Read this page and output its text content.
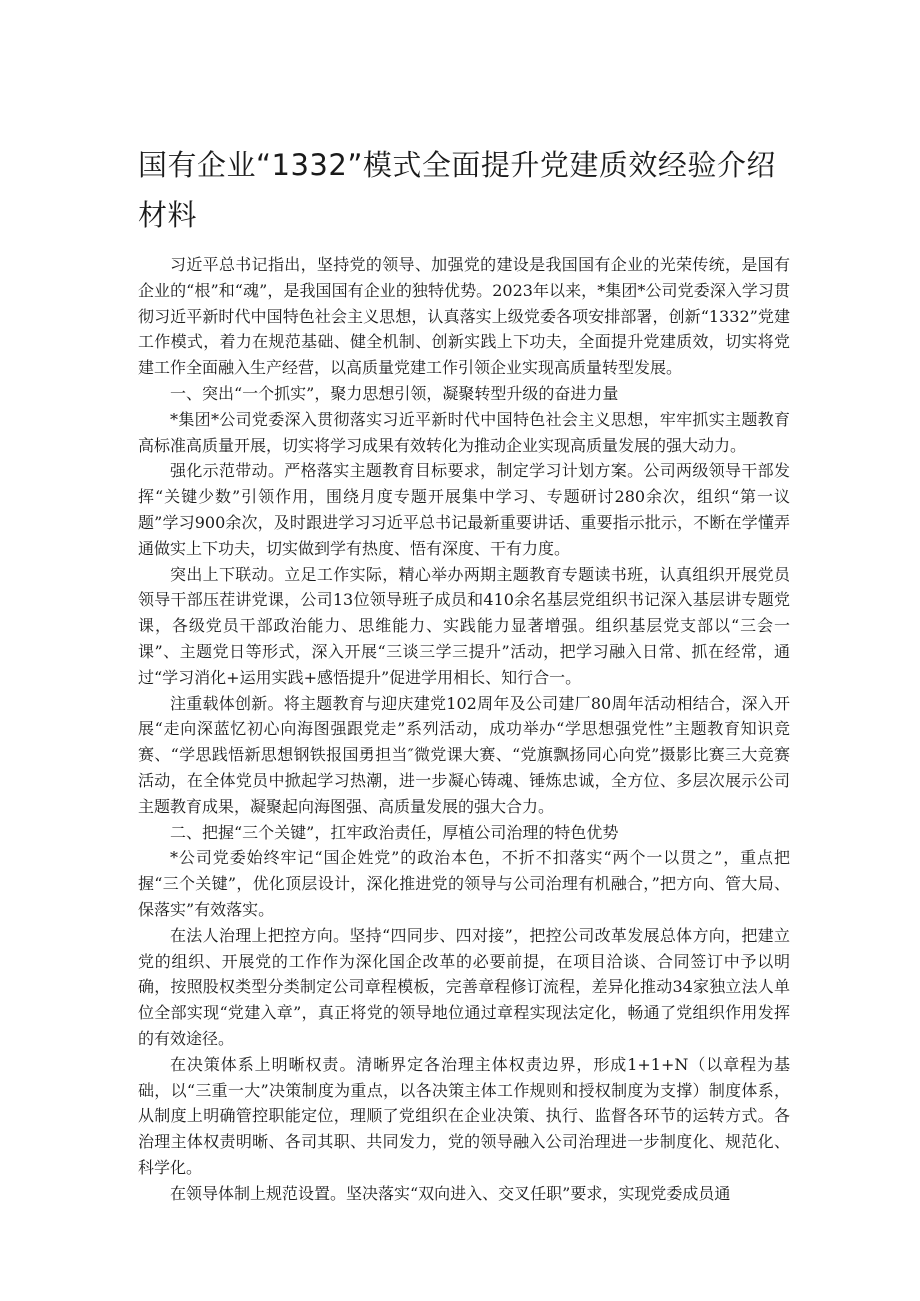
国有企业“1332”模式全面提升党建质效经验介绍材料

习近平总书记指出，坚持党的领导、加强党的建设是我国国有企业的光荣传统，是国有企业的“根”和“魂”，是我国国有企业的独特优势。2023年以来，*集团*公司党委深入学习贯彻习近平新时代中国特色社会主义思想，认真落实上级党委各项安排部署，创新“1332”党建工作模式，着力在规范基础、健全机制、创新实践上下功夫，全面提升党建质效，切实将党建工作全面融入生产经营，以高质量党建工作引领企业实现高质量转型发展。

一、突出“一个抓实”，聚力思想引领，凝聚转型升级的奋进力量

*集团*公司党委深入贯彻落实习近平新时代中国特色社会主义思想，牢牢抓实主题教育高标准高质量开展，切实将学习成果有效转化为推动企业实现高质量发展的强大动力。

强化示范带动。严格落实主题教育目标要求，制定学习计划方案。公司两级领导干部发挥“关键少数”引领作用，围绕月度专题开展集中学习、专题研讨280余次，组织“第一议题”学习900余次，及时跟进学习习近平总书记最新重要讲话、重要指示批示，不断在学懂弄通做实上下功夫，切实做到学有热度、悟有深度、干有力度。

突出上下联动。立足工作实际，精心举办两期主题教育专题读书班，认真组织开展党员领导干部压茬讲党课，公司13位领导班子成员和410余名基层党组织书记深入基层讲专题党课，各级党员干部政治能力、思维能力、实践能力显著增强。组织基层党支部以“三会一课”、主题党日等形式，深入开展“三谈三学三提升”活动，把学习融入日常、抓在经常，通过“学习消化+运用实践+感悟提升”促进学用相长、知行合一。

注重载体创新。将主题教育与迎庆建党102周年及公司建厂80周年活动相结合，深入开展“走向深蓝忆初心向海图强跟党走”系列活动，成功举办“学思想强党性”主题教育知识竞赛、“学思践悟新思想钢铁报国勇担当″微党课大赛、“党旗飘扬同心向党”摄影比赛三大竞赛活动，在全体党员中掀起学习热潮，进一步凝心铸魂、锤炼忠诚，全方位、多层次展示公司主题教育成果，凝聚起向海图强、高质量发展的强大合力。

二、把握“三个关键”，扛牢政治责任，厚植公司治理的特色优势

*公司党委始终牢记“国企姓党”的政治本色，不折不扣落实“两个一以贯之”，重点把握“三个关键”，优化顶层设计，深化推进党的领导与公司治理有机融合，”把方向、管大局、保落实”有效落实。

在法人治理上把控方向。坚持“四同步、四对接”，把控公司改革发展总体方向，把建立党的组织、开展党的工作作为深化国企改革的必要前提，在项目洽谈、合同签订中予以明确，按照股权类型分类制定公司章程模板，完善章程修订流程，差异化推动34家独立法人单位全部实现“党建入章”，真正将党的领导地位通过章程实现法定化，畅通了党组织作用发挥的有效途径。

在决策体系上明晰权责。清晰界定各治理主体权责边界，形成1+1+N（以章程为基础，以“三重一大”决策制度为重点，以各决策主体工作规则和授权制度为支撑）制度体系，从制度上明确管控职能定位，理顺了党组织在企业决策、执行、监督各环节的运转方式。各治理主体权责明晰、各司其职、共同发力，党的领导融入公司治理进一步制度化、规范化、科学化。

在领导体制上规范设置。坚决落实“双向进入、交叉任职”要求，实现党委成员通
